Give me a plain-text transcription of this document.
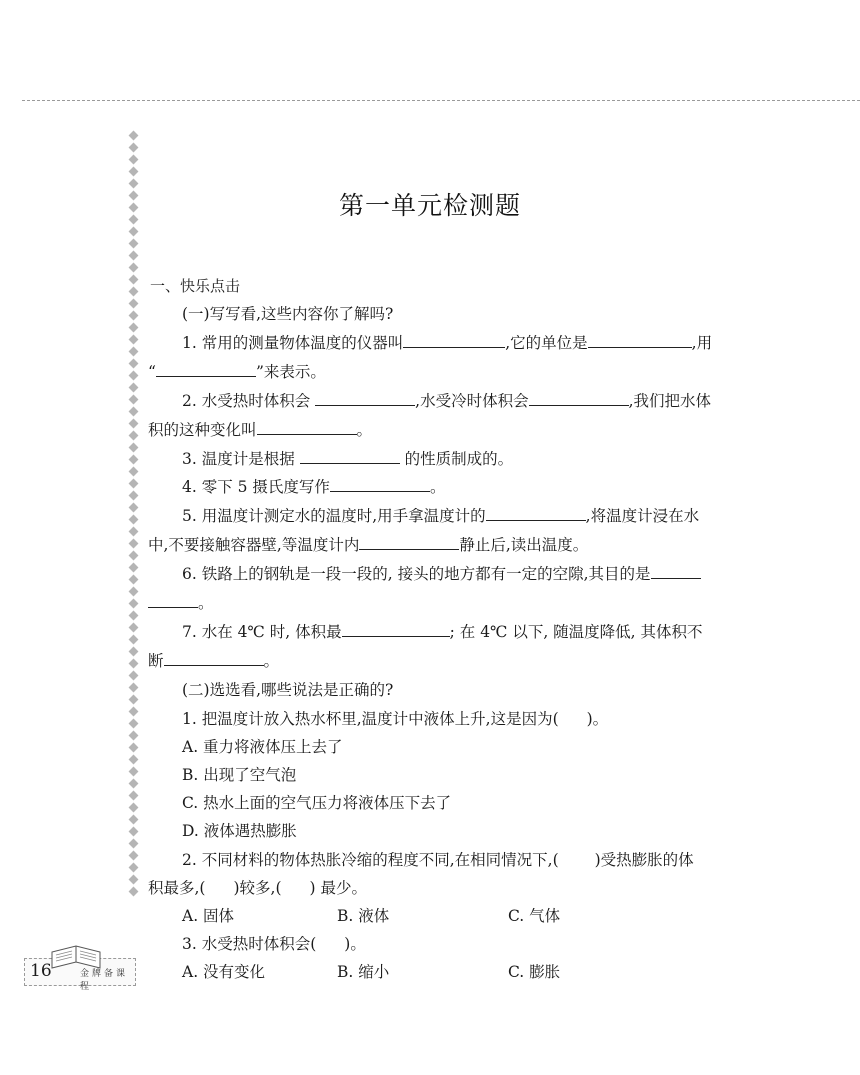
第一单元检测题
一、快乐点击
(一)写写看,这些内容你了解吗?
1. 常用的测量物体温度的仪器叫	,它的单位是	,用
“	”来表示。
2. 水受热时体积会	,水受冷时体积会	,我们把水体
积的这种变化叫	。
3. 温度计是根据	的性质制成的。
4. 零下 5 摄氏度写作	。
5. 用温度计测定水的温度时,用手拿温度计的	,将温度计浸在水
中,不要接触容器壁,等温度计内	静止后,读出温度。
6. 铁路上的钢轨是一段一段的, 接头的地方都有一定的空隙,其目的是
。
7. 水在 4℃ 时, 体积最	; 在 4℃ 以下, 随温度降低, 其体积不
断	。
(二)选选看,哪些说法是正确的?
1. 把温度计放入热水杯里,温度计中液体上升,这是因为( )。
A. 重力将液体压上去了
B. 出现了空气泡
C. 热水上面的空气压力将液体压下去了
D. 液体遇热膨胀
2. 不同材料的物体热胀冷缩的程度不同,在相同情况下,( )受热膨胀的体
积最多,( )较多,( ) 最少。
A. 固体	B. 液体	C. 气体
3. 水受热时体积会( )。
A. 没有变化	B. 缩小	C. 膨胀
16	金牌备课程
